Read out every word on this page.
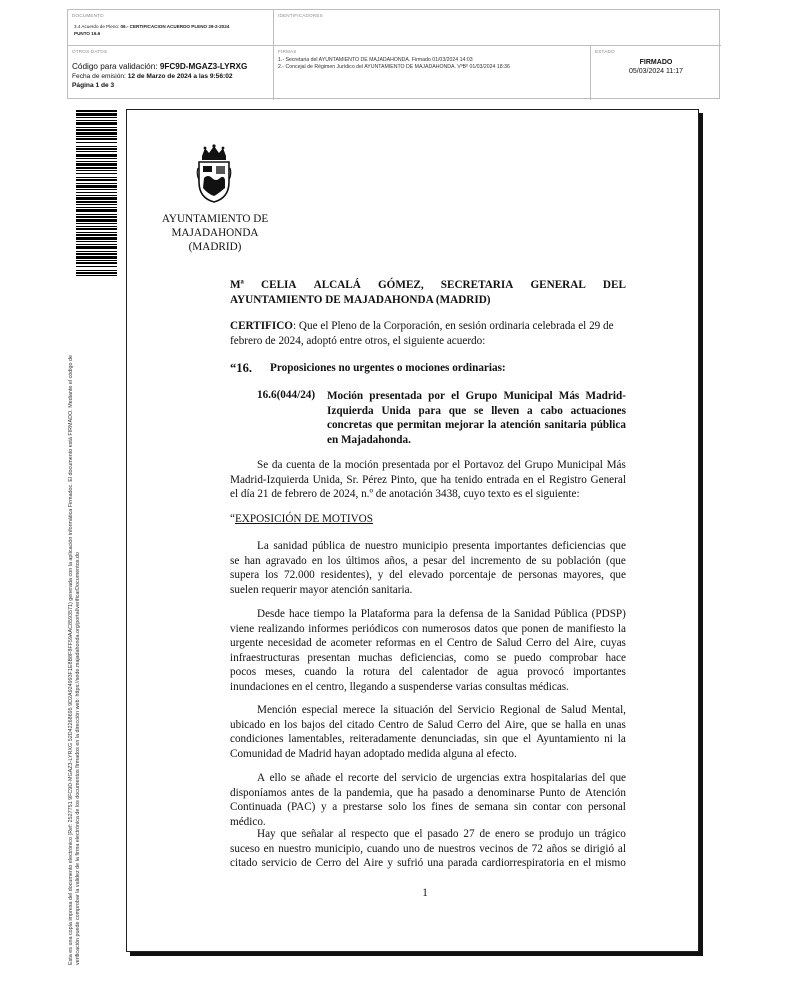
DOCUMENTO
3.4 Acuerdo de Pleno: 06.- CERTIFICACION ACUERDO PLENO 29-2-2024
PUNTO 16.6
IDENTIFICADORES
OTROS DATOS
Código para validación: 9FC9D-MGAZ3-LYRXG
Fecha de emisión: 12 de Marzo de 2024 a las 9:56:02
Página 1 de 3
FIRMAS
1.- Secretaria del AYUNTAMIENTO DE MAJADAHONDA. Firmado 01/03/2024 14:03
2.- Concejal de Régimen Jurídico del AYUNTAMIENTO DE MAJADAHONDA. VºBº 01/03/2024 18:36
ESTADO
FIRMADO
05/03/2024 11:17
Esta es una copia impresa del documento electrónico (Ref: 2527751 9FC9D-MGAZ3-LYRXG 52D42268695 9D2A924993F1E8B8F8FF59AAC8593571) generada con la aplicación informática Firmadoc. El documento está FIRMADO. Mediante el código de verificación puede comprobar la validez de la firma electrónica de los documentos firmados en la dirección web: https://sede.majadahonda.org/portal/verificarDocumentos.do
AYUNTAMIENTO DE
MAJADAHONDA
(MADRID)
Mª CELIA ALCALÁ GÓMEZ, SECRETARIA GENERAL DEL
AYUNTAMIENTO DE MAJADAHONDA (MADRID)
CERTIFICO: Que el Pleno de la Corporación, en sesión ordinaria celebrada el 29 de
febrero de 2024, adoptó entre otros, el siguiente acuerdo:
“16. Proposiciones no urgentes o mociones ordinarias:
16.6(044/24) Moción presentada por el Grupo Municipal Más Madrid-
Izquierda Unida para que se lleven a cabo actuaciones
concretas que permitan mejorar la atención sanitaria pública
en Majadahonda.
Se da cuenta de la moción presentada por el Portavoz del Grupo Municipal Más
Madrid-Izquierda Unida, Sr. Pérez Pinto, que ha tenido entrada en el Registro General
el día 21 de febrero de 2024, n.º de anotación 3438, cuyo texto es el siguiente:
“EXPOSICIÓN DE MOTIVOS
La sanidad pública de nuestro municipio presenta importantes deficiencias que
se han agravado en los últimos años, a pesar del incremento de su población (que
supera los 72.000 residentes), y del elevado porcentaje de personas mayores, que
suelen requerir mayor atención sanitaria.
Desde hace tiempo la Plataforma para la defensa de la Sanidad Pública (PDSP)
viene realizando informes periódicos con numerosos datos que ponen de manifiesto la
urgente necesidad de acometer reformas en el Centro de Salud Cerro del Aire, cuyas
infraestructuras presentan muchas deficiencias, como se puedo comprobar hace
pocos meses, cuando la rotura del calentador de agua provocó importantes
inundaciones en el centro, llegando a suspenderse varias consultas médicas.
Mención especial merece la situación del Servicio Regional de Salud Mental,
ubicado en los bajos del citado Centro de Salud Cerro del Aire, que se halla en unas
condiciones lamentables, reiteradamente denunciadas, sin que el Ayuntamiento ni la
Comunidad de Madrid hayan adoptado medida alguna al efecto.
A ello se añade el recorte del servicio de urgencias extra hospitalarias del que
disponíamos antes de la pandemia, que ha pasado a denominarse Punto de Atención
Continuada (PAC) y a prestarse solo los fines de semana sin contar con personal
médico.
Hay que señalar al respecto que el pasado 27 de enero se produjo un trágico
suceso en nuestro municipio, cuando uno de nuestros vecinos de 72 años se dirigió al
citado servicio de Cerro del Aire y sufrió una parada cardiorrespiratoria en el mismo
1
